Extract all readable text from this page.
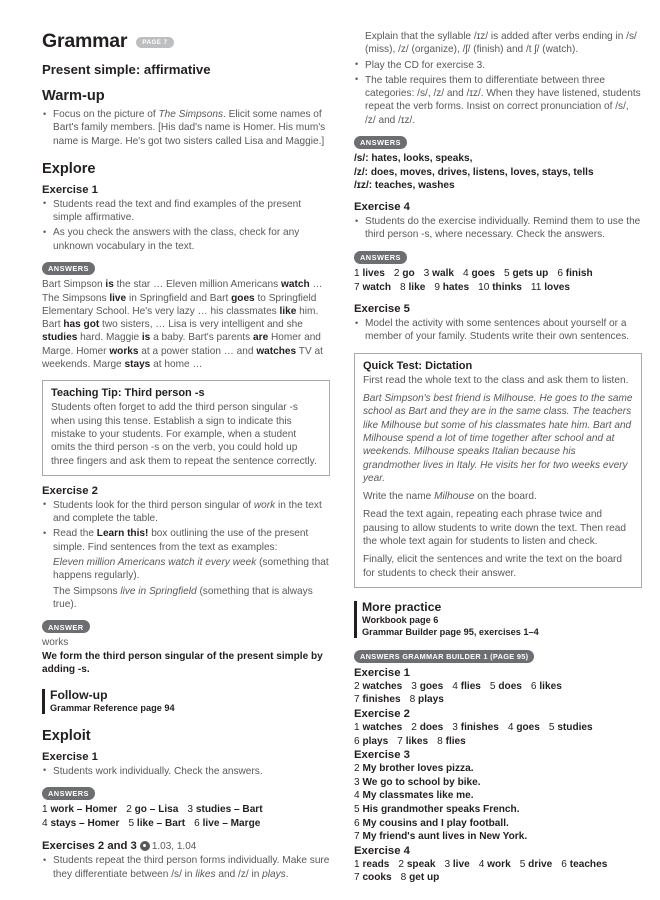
Grammar	PAGE 7
Present simple: affirmative
Warm-up
• Focus on the picture of The Simpsons. Elicit some names of Bart's family members. [His dad's name is Homer. His mum's name is Marge. He's got two sisters called Lisa and Maggie.]
Explore
Exercise 1
• Students read the text and find examples of the present simple affirmative.
• As you check the answers with the class, check for any unknown vocabulary in the text.
ANSWERS
Bart Simpson is the star … Eleven million Americans watch … The Simpsons live in Springfield and Bart goes to Springfield Elementary School. He's very lazy … his classmates like him. Bart has got two sisters, … Lisa is very intelligent and she studies hard. Maggie is a baby. Bart's parents are Homer and Marge. Homer works at a power station … and watches TV at weekends. Marge stays at home …
Teaching Tip: Third person -s

Students often forget to add the third person singular -s when using this tense. Establish a sign to indicate this mistake to your students. For example, when a student omits the third person -s on the verb, you could hold up three fingers and ask them to repeat the sentence correctly.

Exercise 2
• Students look for the third person singular of work in the text and complete the table.
• Read the Learn this! box outlining the use of the present simple. Find sentences from the text as examples:
Eleven million Americans watch it every week (something that happens regularly).
The Simpsons live in Springfield (something that is always true).
ANSWER
works
We form the third person singular of the present simple by adding -s.
Follow-up
Grammar Reference page 94
Exploit
Exercise 1
• Students work individually. Check the answers.
ANSWERS
1 work – Homer 2 go – Lisa 3 studies – Bart
4 stays – Homer 5 like – Bart 6 live – Marge
Exercises 2 and 3 1.03, 1.04
• Students repeat the third person forms individually. Make sure they differentiate between /s/ in likes and /z/ in plays.
Explain that the syllable /ɪz/ is added after verbs ending in /s/ (miss), /z/ (organize), /ʃ/ (finish) and /t ʃ/ (watch).
• Play the CD for exercise 3.
• The table requires them to differentiate between three categories: /s/, /z/ and /ɪz/. When they have listened, students repeat the verb forms. Insist on correct pronunciation of /s/, /z/ and /ɪz/.
ANSWERS
/s/: hates, looks, speaks,
/z/: does, moves, drives, listens, loves, stays, tells
/ɪz/: teaches, washes
Exercise 4
• Students do the exercise individually. Remind them to use the third person -s, where necessary. Check the answers.
ANSWERS
1 lives 2 go 3 walk 4 goes 5 gets up 6 finish
7 watch 8 like 9 hates 10 thinks 11 loves
Exercise 5
• Model the activity with some sentences about yourself or a member of your family. Students write their own sentences.
Quick Test: Dictation

First read the whole text to the class and ask them to listen.

Bart Simpson's best friend is Milhouse. He goes to the same school as Bart and they are in the same class. The teachers like Milhouse but some of his classmates hate him. Bart and Milhouse spend a lot of time together after school and at weekends. Milhouse speaks Italian because his grandmother lives in Italy. He visits her for two weeks every year.

Write the name Milhouse on the board.

Read the text again, repeating each phrase twice and pausing to allow students to write down the text. Then read the whole text again for students to listen and check.

Finally, elicit the sentences and write the text on the board for students to check their answer.

More practice
Workbook page 6
Grammar Builder page 95, exercises 1–4
ANSWERS GRAMMAR BUILDER 1 (PAGE 95)
Exercise 1
2 watches 3 goes 4 flies 5 does 6 likes
7 finishes 8 plays
Exercise 2
1 watches 2 does 3 finishes 4 goes 5 studies
6 plays 7 likes 8 flies
Exercise 3
2 My brother loves pizza.
3 We go to school by bike.
4 My classmates like me.
5 His grandmother speaks French.
6 My cousins and I play football.
7 My friend's aunt lives in New York.
Exercise 4
1 reads 2 speak 3 live 4 work 5 drive 6 teaches
7 cooks 8 get up
